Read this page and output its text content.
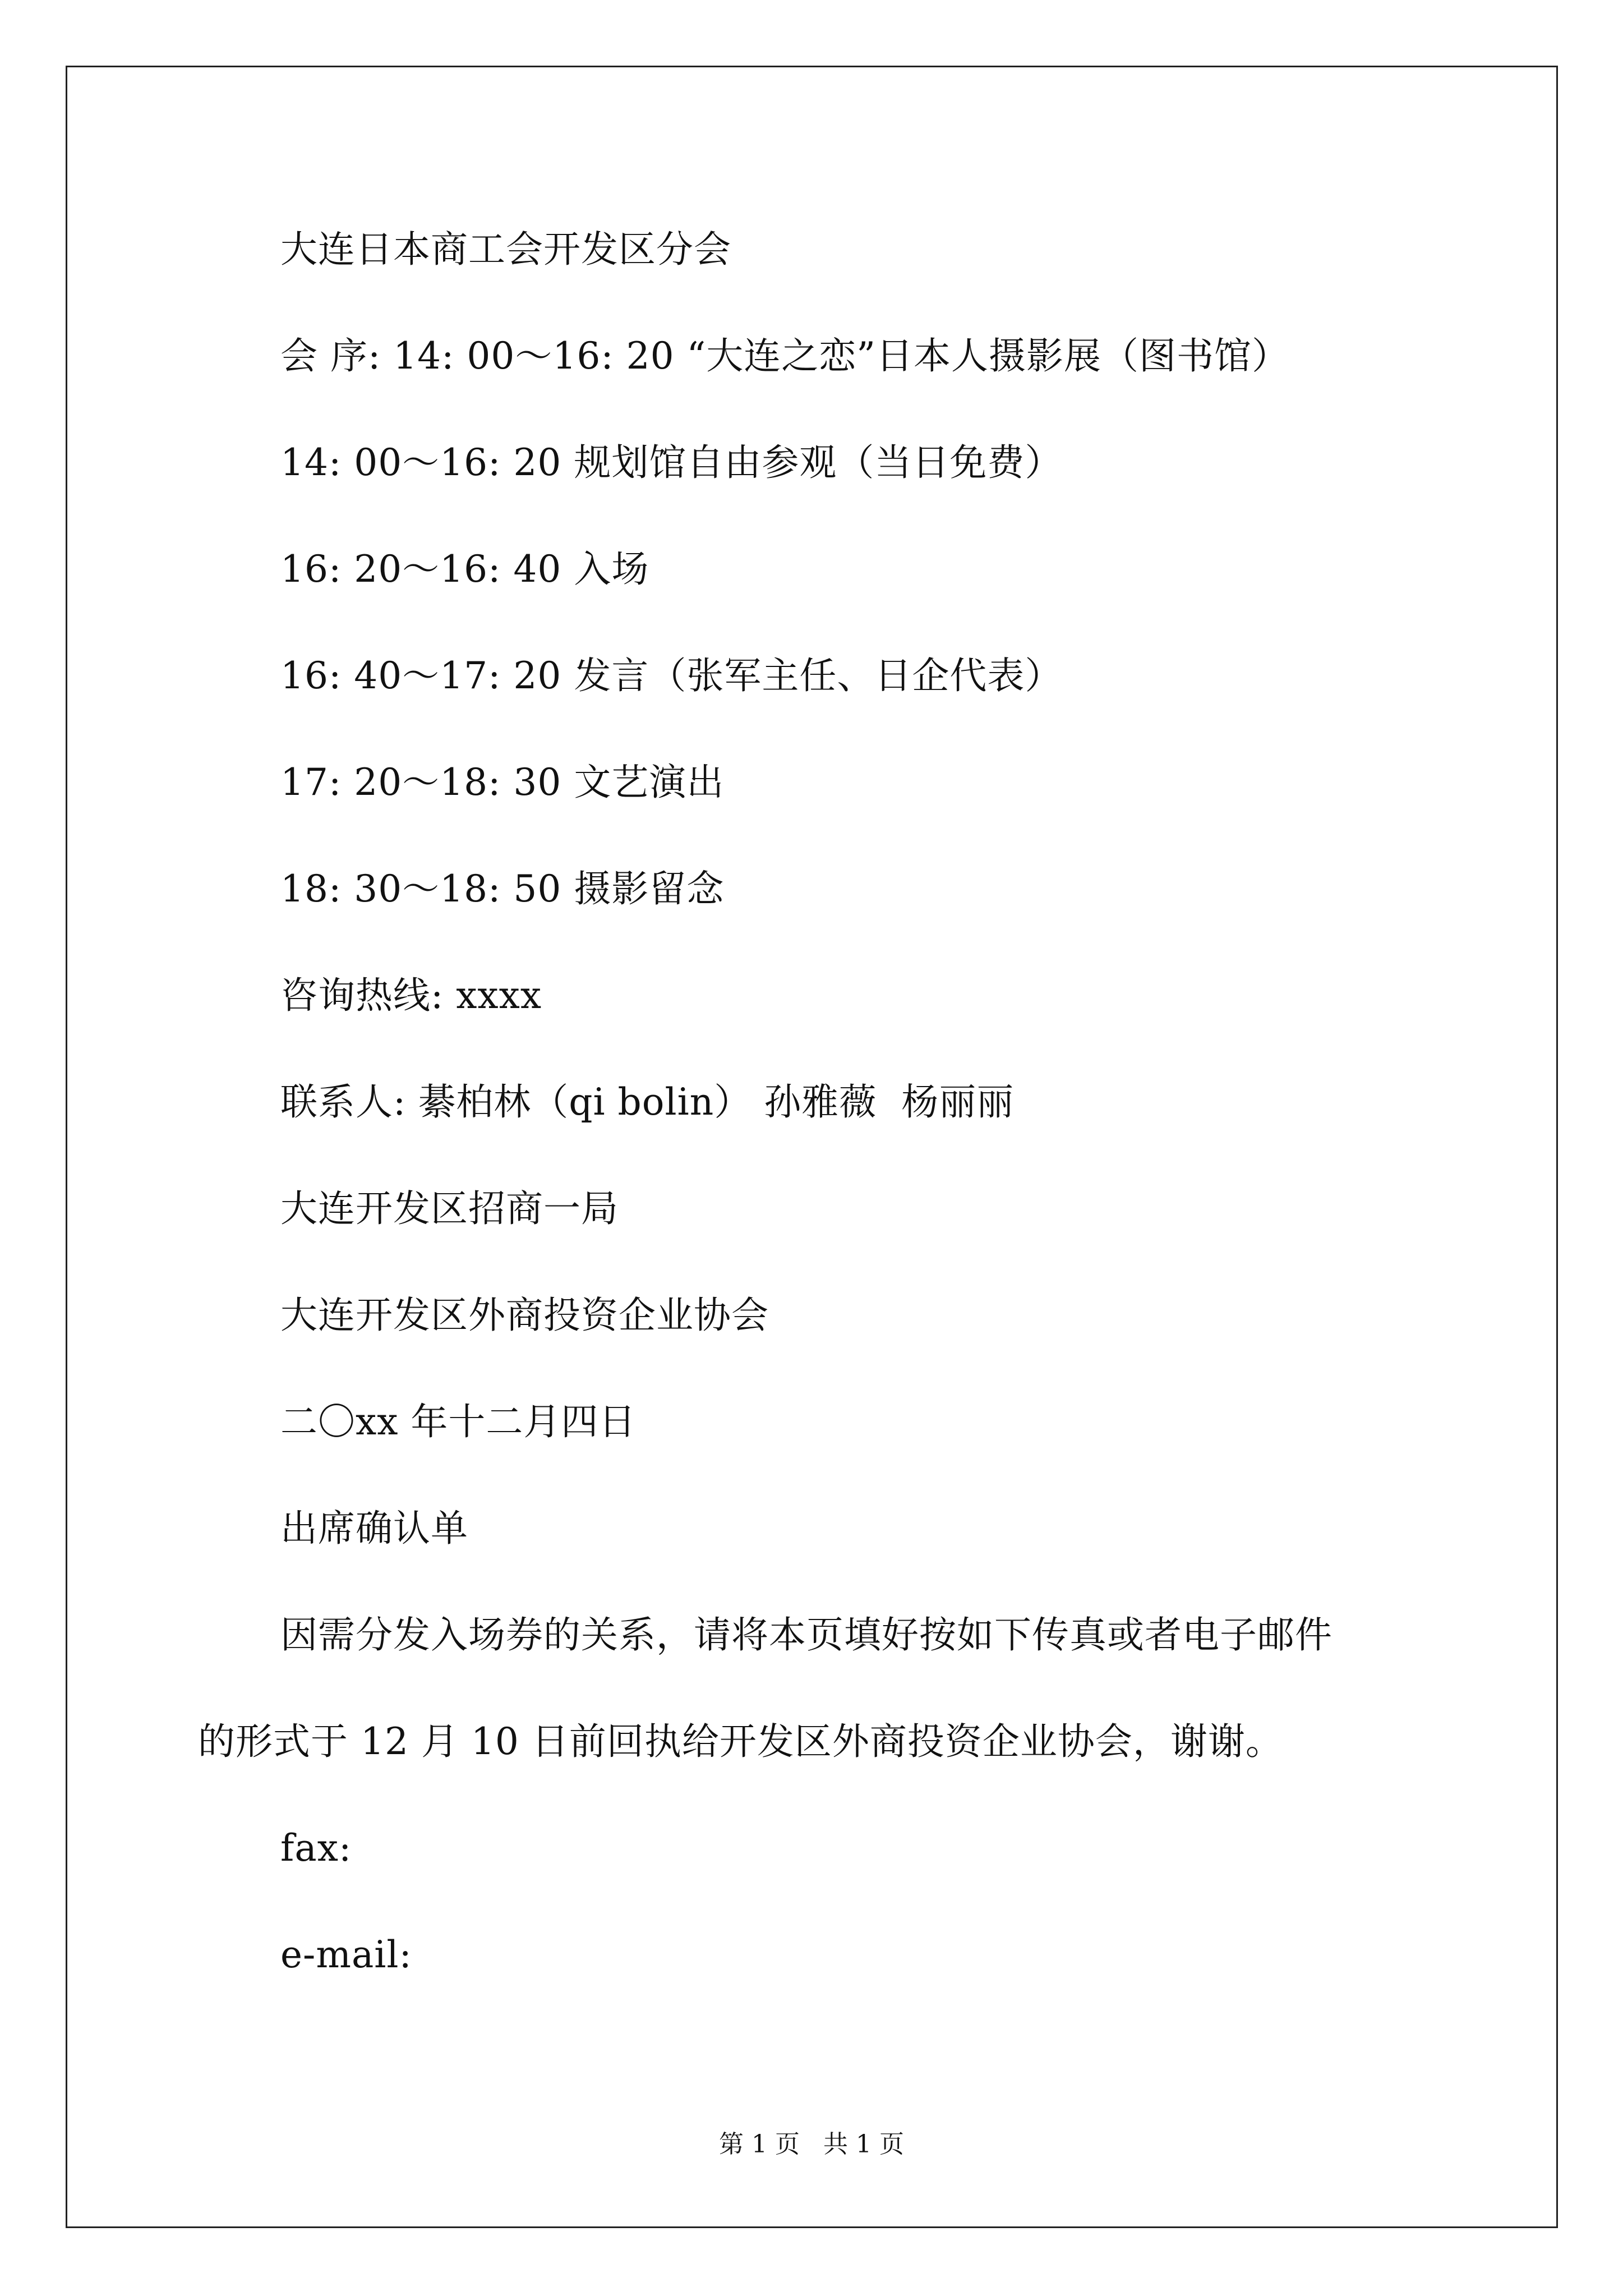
大连日本商工会开发区分会
会 序: 14: 00～16: 20 “大连之恋”日本人摄影展（图书馆）
14: 00～16: 20 规划馆自由参观（当日免费）
16: 20～16: 40 入场
16: 40～17: 20 发言（张军主任、日企代表）
17: 20～18: 30 文艺演出
18: 30～18: 50 摄影留念
咨询热线: xxxx
联系人: 綦柏林（qi bolin） 孙雅薇  杨丽丽
大连开发区招商一局
大连开发区外商投资企业协会
二〇xx 年十二月四日
出席确认单
因需分发入场券的关系，请将本页填好按如下传真或者电子邮件
的形式于 12 月 10 日前回执给开发区外商投资企业协会，谢谢。
fax:
e-mail:
第 1 页   共 1 页
